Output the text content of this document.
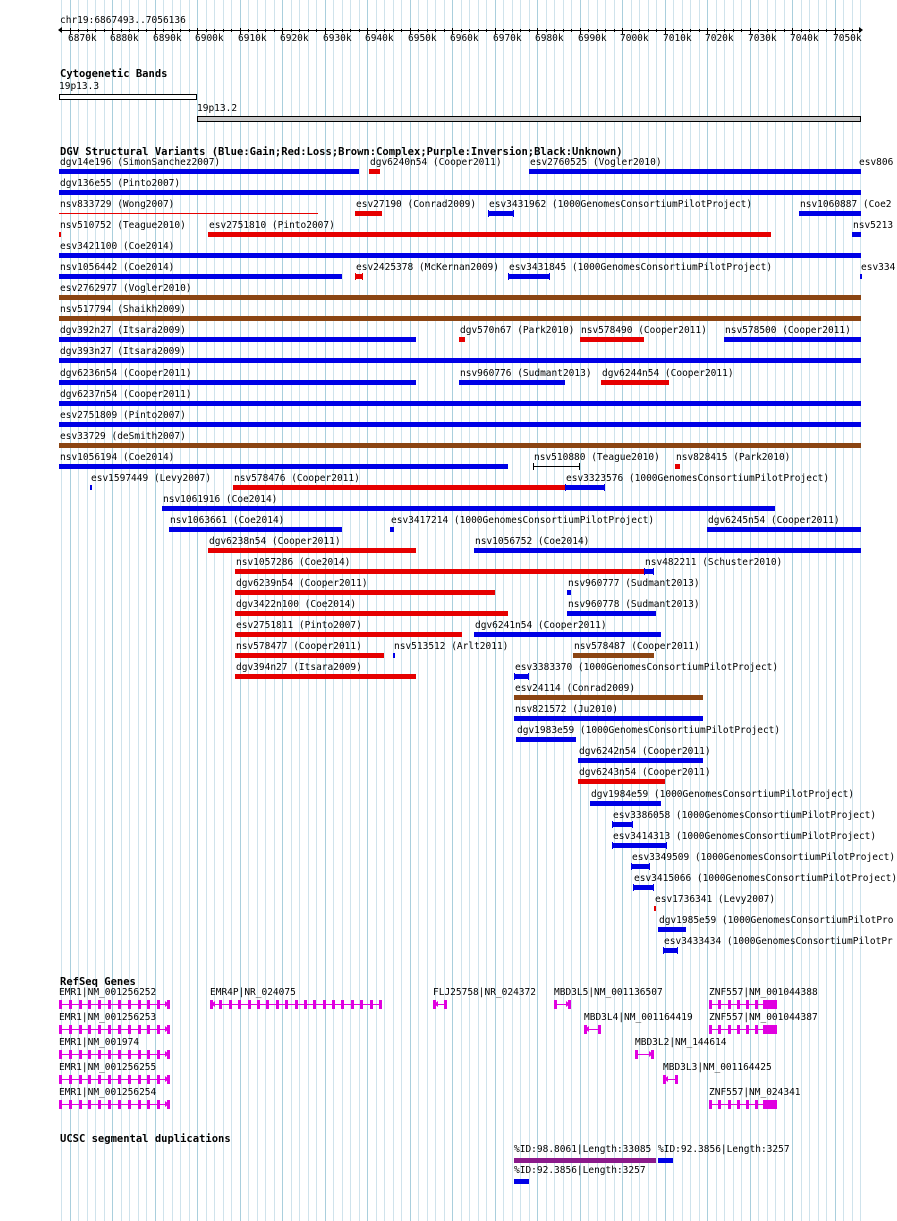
chr19:6867493..7056136
6870k 6880k 6890k 6900k 6910k 6920k 6930k 6940k 6950k 6960k 6970k 6980k 6990k 7000k 7010k 7020k 7030k 7040k 7050k
Cytogenetic Bands
19p13.3
19p13.2
DGV Structural Variants (Blue:Gain;Red:Loss;Brown:Complex;Purple:Inversion;Black:Unknown)
dgv14e196 (SimonSanchez2007)	dgv6240n54 (Cooper2011)	esv2760525 (Vogler2010)	esv806
dgv136e55 (Pinto2007)
nsv833729 (Wong2007)	esv27190 (Conrad2009) esv3431962 (1000GenomesConsortiumPilotProject)	nsv1060887 (Coe2
nsv510752 (Teague2010) esv2751810 (Pinto2007)	nsv5213
esv3421100 (Coe2014)
nsv1056442 (Coe2014)	esv2425378 (McKernan2009) esv3431845 (1000GenomesConsortiumPilotProject)	esv334
esv2762977 (Vogler2010)
nsv517794 (Shaikh2009)
dgv392n27 (Itsara2009)	dgv570n67 (Park2010) nsv578490 (Cooper2011) nsv578500 (Cooper2011)
dgv393n27 (Itsara2009)
dgv6236n54 (Cooper2011)	nsv960776 (Sudmant2013) dgv6244n54 (Cooper2011)
dgv6237n54 (Cooper2011)
esv2751809 (Pinto2007)
esv33729 (deSmith2007)
nsv1056194 (Coe2014)	nsv510880 (Teague2010) nsv828415 (Park2010)
esv1597449 (Levy2007) nsv578476 (Cooper2011)	esv3323576 (1000GenomesConsortiumPilotProject)
nsv1061916 (Coe2014)
nsv1063661 (Coe2014)	esv3417214 (1000GenomesConsortiumPilotProject)	dgv6245n54 (Cooper2011)
dgv6238n54 (Cooper2011)	nsv1056752 (Coe2014)
nsv1057286 (Coe2014)	nsv482211 (Schuster2010)
dgv6239n54 (Cooper2011)	nsv960777 (Sudmant2013)
dgv3422n100 (Coe2014)	nsv960778 (Sudmant2013)
esv2751811 (Pinto2007)	dgv6241n54 (Cooper2011)
nsv578477 (Cooper2011)	nsv513512 (Arlt2011)	nsv578487 (Cooper2011)
dgv394n27 (Itsara2009)	esv3383370 (1000GenomesConsortiumPilotProject)
esv24114 (Conrad2009)
nsv821572 (Ju2010)
dgv1983e59 (1000GenomesConsortiumPilotProject)
dgv6242n54 (Cooper2011)
dgv6243n54 (Cooper2011)
dgv1984e59 (1000GenomesConsortiumPilotProject)
esv3386058 (1000GenomesConsortiumPilotProject)
esv3414313 (1000GenomesConsortiumPilotProject)
esv3349509 (1000GenomesConsortiumPilotProject)
esv3415066 (1000GenomesConsortiumPilotProject)
esv1736341 (Levy2007)
dgv1985e59 (1000GenomesConsortiumPilotPro
esv3433434 (1000GenomesConsortiumPilotPr
RefSeq Genes
EMR1|NM_001256252	EMR4P|NR_024075	FLJ25758|NR_024372 MBD3L5|NM_001136507	ZNF557|NM_001044388
EMR1|NM_001256253	MBD3L4|NM_001164419 ZNF557|NM_001044387
EMR1|NM_001974	MBD3L2|NM_144614
EMR1|NM_001256255	MBD3L3|NM_001164425
EMR1|NM_001256254	ZNF557|NM_024341
UCSC segmental duplications
%ID:98.8061|Length:33085 %ID:92.3856|Length:3257
%ID:92.3856|Length:3257
